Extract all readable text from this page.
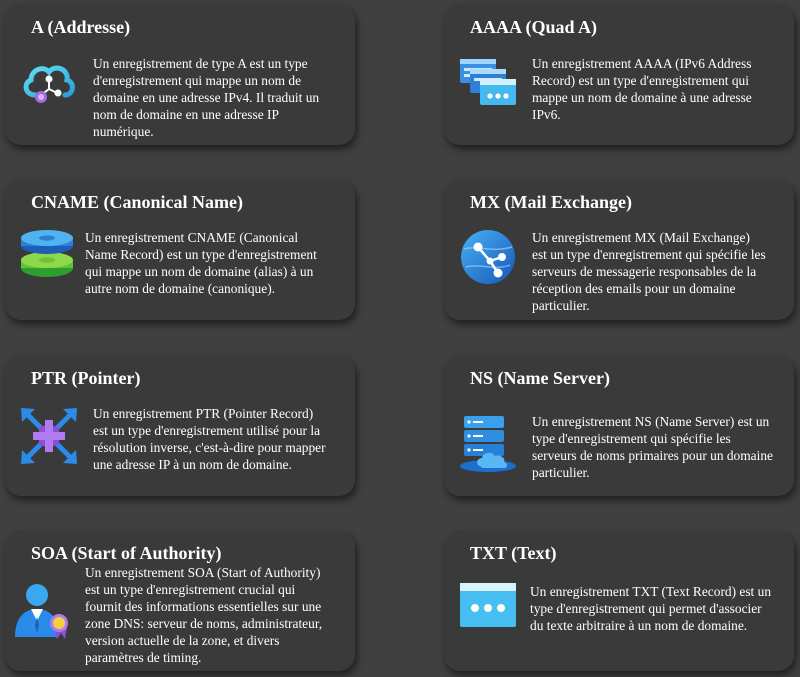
A (Addresse)
Un enregistrement de type A est un type
d'enregistrement qui mappe un nom de
domaine en une adresse IPv4. Il traduit un
nom de domaine en une adresse IP
numérique.
AAAA (Quad A)
Un enregistrement AAAA (IPv6 Address
Record) est un type d'enregistrement qui
mappe un nom de domaine à une adresse
IPv6.
CNAME (Canonical Name)
Un enregistrement CNAME (Canonical
Name Record) est un type d'enregistrement
qui mappe un nom de domaine (alias) à un
autre nom de domaine (canonique).
MX (Mail Exchange)
Un enregistrement MX (Mail Exchange)
est un type d'enregistrement qui spécifie les
serveurs de messagerie responsables de la
réception des emails pour un domaine
particulier.
PTR (Pointer)
Un enregistrement PTR (Pointer Record)
est un type d'enregistrement utilisé pour la
résolution inverse, c'est-à-dire pour mapper
une adresse IP à un nom de domaine.
NS (Name Server)
Un enregistrement NS (Name Server) est un
type d'enregistrement qui spécifie les
serveurs de noms primaires pour un domaine
particulier.
SOA (Start of Authority)
Un enregistrement SOA (Start of Authority)
est un type d'enregistrement crucial qui
fournit des informations essentielles sur une
zone DNS: serveur de noms, administrateur,
version actuelle de la zone, et divers
paramètres de timing.
TXT (Text)
Un enregistrement TXT (Text Record) est un
type d'enregistrement qui permet d'associer
du texte arbitraire à un nom de domaine.
